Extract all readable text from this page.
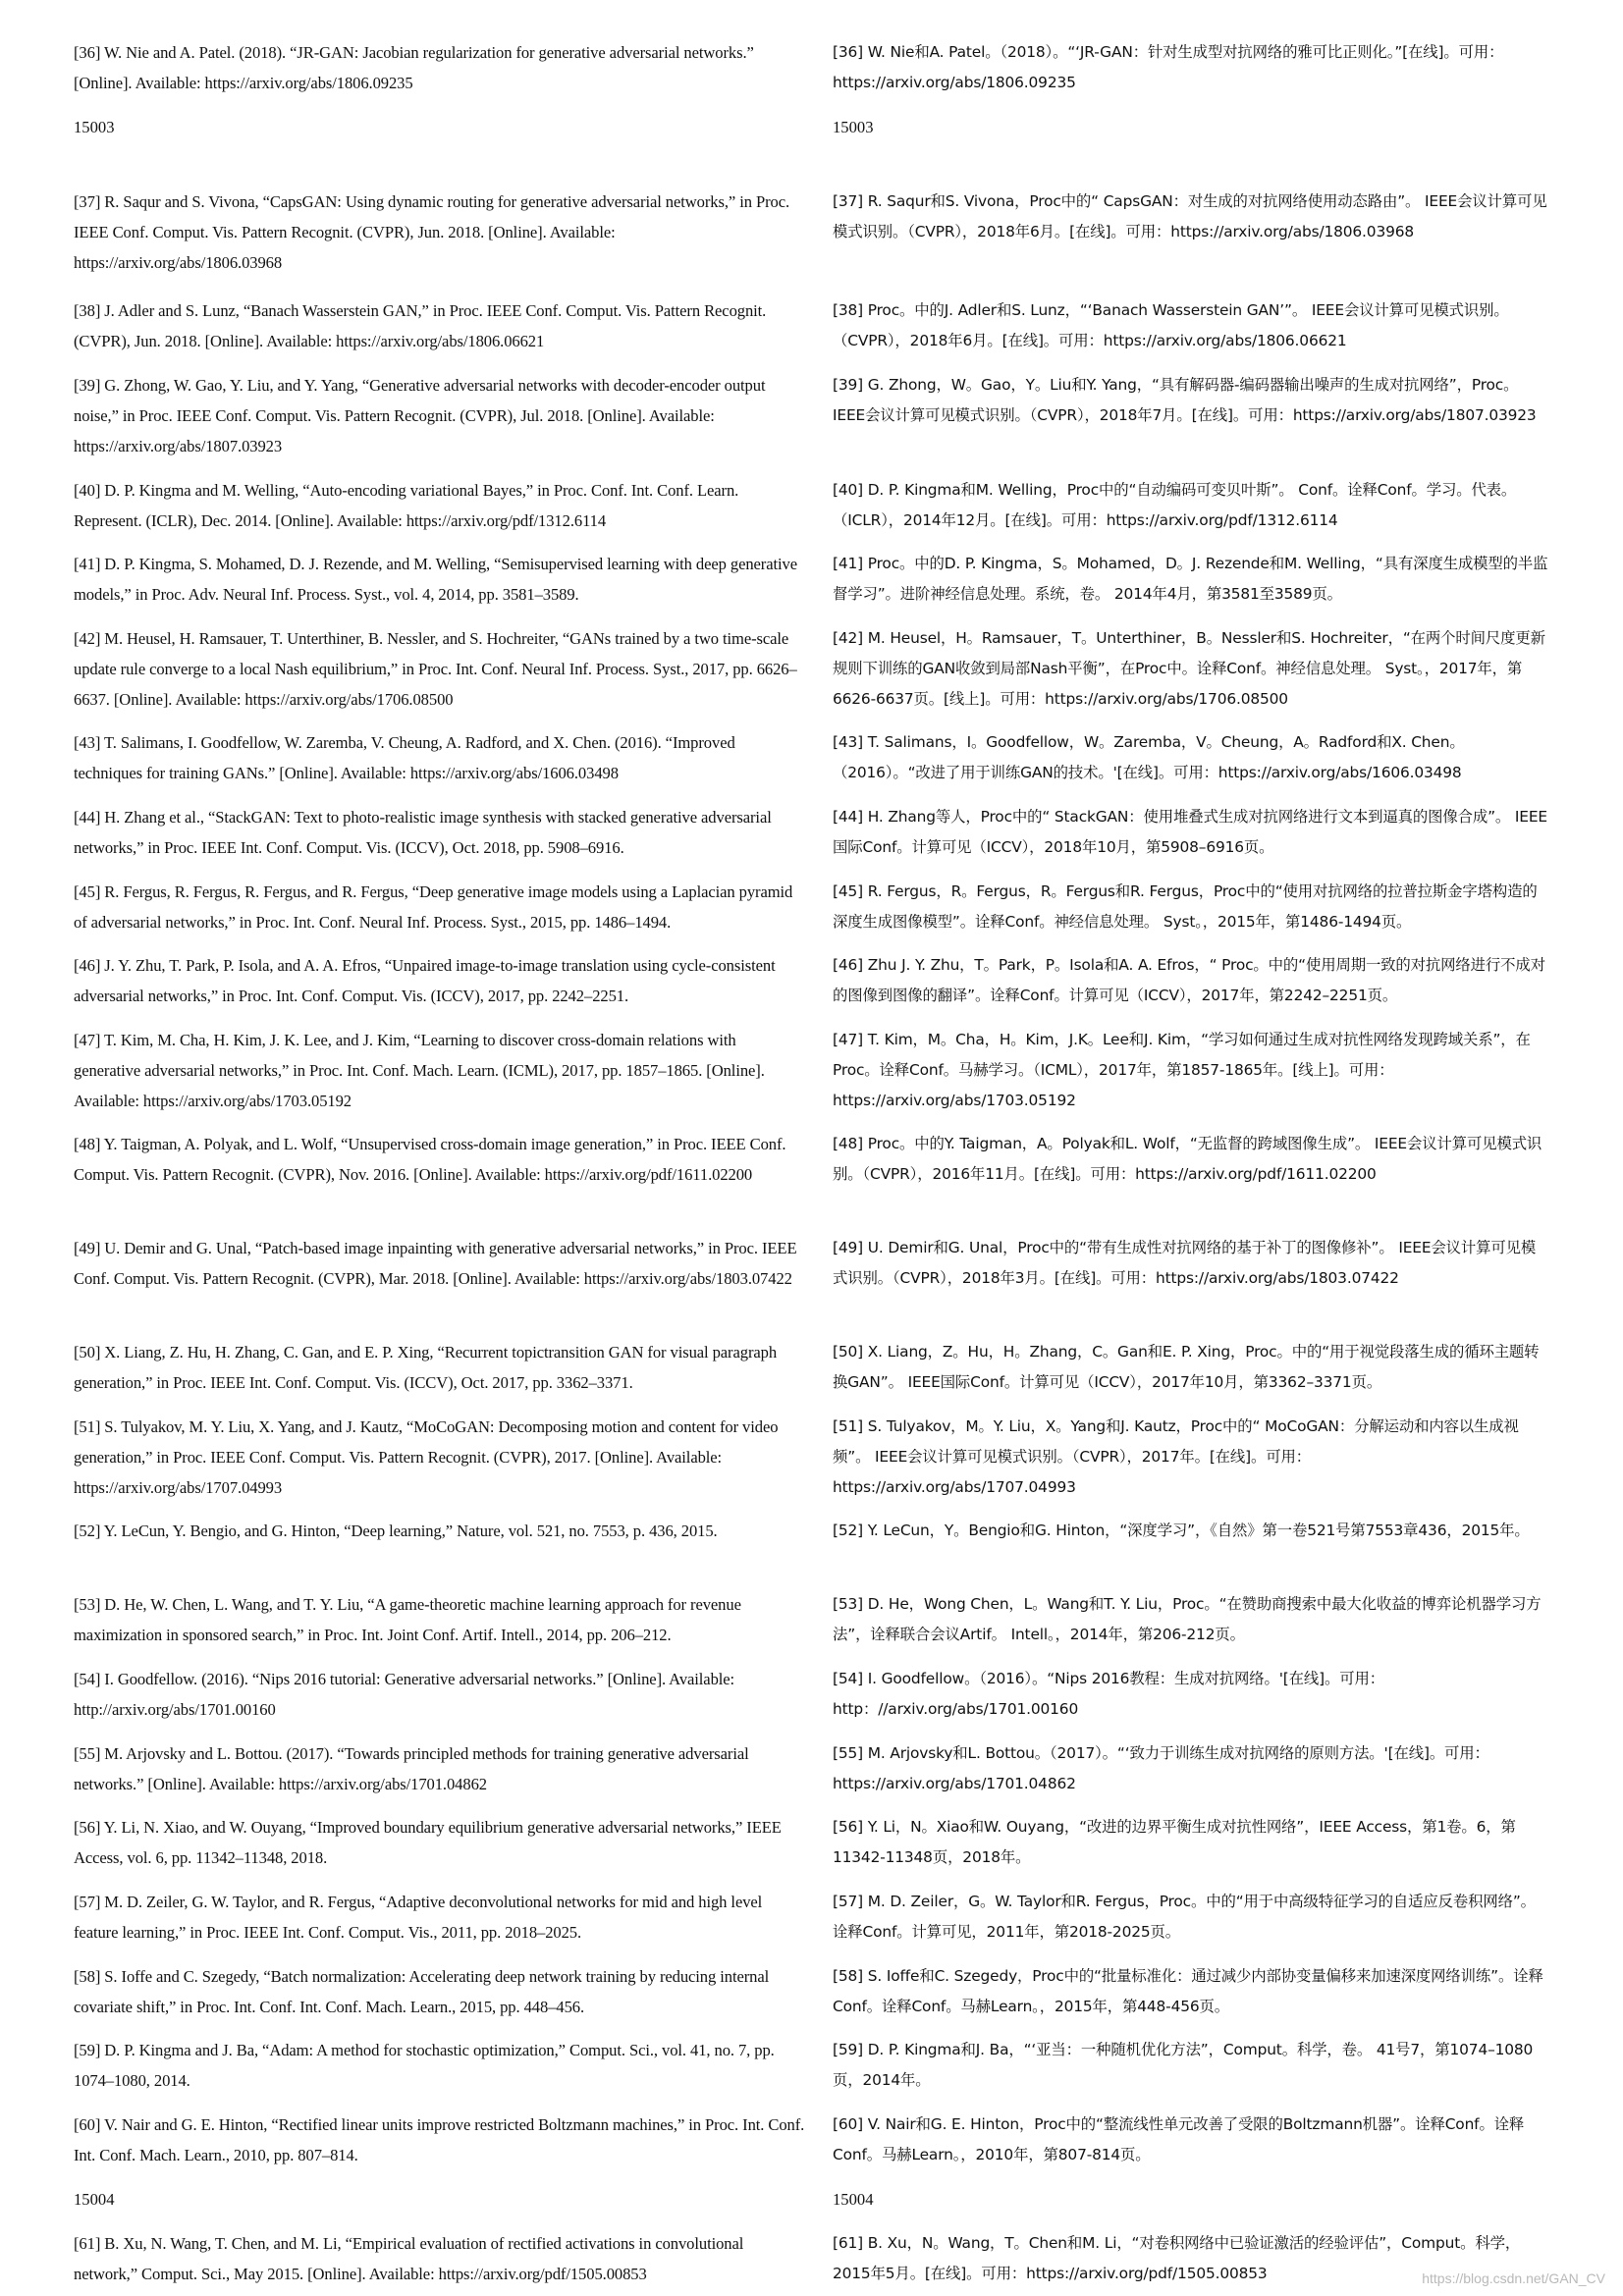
[36] W. Nie and A. Patel. (2018). “JR-GAN: Jacobian regularization for generative adversarial networks.” [Online]. Available: https://arxiv.org/abs/1806.09235
15003
[37] R. Saqur and S. Vivona, “CapsGAN: Using dynamic routing for generative adversarial networks,” in Proc. IEEE Conf. Comput. Vis. Pattern Recognit. (CVPR), Jun. 2018. [Online]. Available: https://arxiv.org/abs/1806.03968
[38] J. Adler and S. Lunz, “Banach Wasserstein GAN,” in Proc. IEEE Conf. Comput. Vis. Pattern Recognit. (CVPR), Jun. 2018. [Online]. Available: https://arxiv.org/abs/1806.06621
[39] G. Zhong, W. Gao, Y. Liu, and Y. Yang, “Generative adversarial networks with decoder-encoder output noise,” in Proc. IEEE Conf. Comput. Vis. Pattern Recognit. (CVPR), Jul. 2018. [Online]. Available: https://arxiv.org/abs/1807.03923
[40] D. P. Kingma and M. Welling, “Auto-encoding variational Bayes,” in Proc. Conf. Int. Conf. Learn. Represent. (ICLR), Dec. 2014. [Online]. Available: https://arxiv.org/pdf/1312.6114
[41] D. P. Kingma, S. Mohamed, D. J. Rezende, and M. Welling, “Semisupervised learning with deep generative models,” in Proc. Adv. Neural Inf. Process. Syst., vol. 4, 2014, pp. 3581–3589.
[42] M. Heusel, H. Ramsauer, T. Unterthiner, B. Nessler, and S. Hochreiter, “GANs trained by a two time-scale update rule converge to a local Nash equilibrium,” in Proc. Int. Conf. Neural Inf. Process. Syst., 2017, pp. 6626–6637. [Online]. Available: https://arxiv.org/abs/1706.08500
[43] T. Salimans, I. Goodfellow, W. Zaremba, V. Cheung, A. Radford, and X. Chen. (2016). “Improved techniques for training GANs.” [Online]. Available: https://arxiv.org/abs/1606.03498
[44] H. Zhang et al., “StackGAN: Text to photo-realistic image synthesis with stacked generative adversarial networks,” in Proc. IEEE Int. Conf. Comput. Vis. (ICCV), Oct. 2018, pp. 5908–6916.
[45] R. Fergus, R. Fergus, R. Fergus, and R. Fergus, “Deep generative image models using a Laplacian pyramid of adversarial networks,” in Proc. Int. Conf. Neural Inf. Process. Syst., 2015, pp. 1486–1494.
[46] J. Y. Zhu, T. Park, P. Isola, and A. A. Efros, “Unpaired image-to-image translation using cycle-consistent adversarial networks,” in Proc. Int. Conf. Comput. Vis. (ICCV), 2017, pp. 2242–2251.
[47] T. Kim, M. Cha, H. Kim, J. K. Lee, and J. Kim, “Learning to discover cross-domain relations with generative adversarial networks,” in Proc. Int. Conf. Mach. Learn. (ICML), 2017, pp. 1857–1865. [Online]. Available: https://arxiv.org/abs/1703.05192
[48] Y. Taigman, A. Polyak, and L. Wolf, “Unsupervised cross-domain image generation,” in Proc. IEEE Conf. Comput. Vis. Pattern Recognit. (CVPR), Nov. 2016. [Online]. Available: https://arxiv.org/pdf/1611.02200
[49] U. Demir and G. Unal, “Patch-based image inpainting with generative adversarial networks,” in Proc. IEEE Conf. Comput. Vis. Pattern Recognit. (CVPR), Mar. 2018. [Online]. Available: https://arxiv.org/abs/1803.07422
[50] X. Liang, Z. Hu, H. Zhang, C. Gan, and E. P. Xing, “Recurrent topictransition GAN for visual paragraph generation,” in Proc. IEEE Int. Conf. Comput. Vis. (ICCV), Oct. 2017, pp. 3362–3371.
[51] S. Tulyakov, M. Y. Liu, X. Yang, and J. Kautz, “MoCoGAN: Decomposing motion and content for video generation,” in Proc. IEEE Conf. Comput. Vis. Pattern Recognit. (CVPR), 2017. [Online]. Available: https://arxiv.org/abs/1707.04993
[52] Y. LeCun, Y. Bengio, and G. Hinton, “Deep learning,” Nature, vol. 521, no. 7553, p. 436, 2015.
[53] D. He, W. Chen, L. Wang, and T. Y. Liu, “A game-theoretic machine learning approach for revenue maximization in sponsored search,” in Proc. Int. Joint Conf. Artif. Intell., 2014, pp. 206–212.
[54] I. Goodfellow. (2016). “Nips 2016 tutorial: Generative adversarial networks.” [Online]. Available: http://arxiv.org/abs/1701.00160
[55] M. Arjovsky and L. Bottou. (2017). “Towards principled methods for training generative adversarial networks.” [Online]. Available: https://arxiv.org/abs/1701.04862
[56] Y. Li, N. Xiao, and W. Ouyang, “Improved boundary equilibrium generative adversarial networks,” IEEE Access, vol. 6, pp. 11342–11348, 2018.
[57] M. D. Zeiler, G. W. Taylor, and R. Fergus, “Adaptive deconvolutional networks for mid and high level feature learning,” in Proc. IEEE Int. Conf. Comput. Vis., 2011, pp. 2018–2025.
[58] S. Ioffe and C. Szegedy, “Batch normalization: Accelerating deep network training by reducing internal covariate shift,” in Proc. Int. Conf. Int. Conf. Mach. Learn., 2015, pp. 448–456.
[59] D. P. Kingma and J. Ba, “Adam: A method for stochastic optimization,” Comput. Sci., vol. 41, no. 7, pp. 1074–1080, 2014.
[60] V. Nair and G. E. Hinton, “Rectified linear units improve restricted Boltzmann machines,” in Proc. Int. Conf. Int. Conf. Mach. Learn., 2010, pp. 807–814.
15004
[61] B. Xu, N. Wang, T. Chen, and M. Li, “Empirical evaluation of rectified activations in convolutional network,” Comput. Sci., May 2015. [Online]. Available: https://arxiv.org/pdf/1505.00853
[36] W. Nie和A. Patel。（2018）。“‘JR-GAN：针对生成型对抗网络的雅可比正则化。”[在线]。可用：https://arxiv.org/abs/1806.09235
15003
[37] R. Saqur和S. Vivona，Proc中的“ CapsGAN：对生成的对抗网络使用动态路由”。 IEEE会议计算可见模式识别。（CVPR），2018年6月。[在线]。可用：https://arxiv.org/abs/1806.03968
[38] Proc。中的J. Adler和S. Lunz，“‘Banach Wasserstein GAN’”。 IEEE会议计算可见模式识别。（CVPR），2018年6月。[在线]。可用：https://arxiv.org/abs/1806.06621
[39] G. Zhong，W。Gao，Y。Liu和Y. Yang，“具有解码器-编码器输出噪声的生成对抗网络”，Proc。 IEEE会议计算可见模式识别。（CVPR），2018年7月。[在线]。可用：https://arxiv.org/abs/1807.03923
[40] D. P. Kingma和M. Welling，Proc中的“自动编码可变贝叶斯”。 Conf。诠释Conf。学习。代表。（ICLR），2014年12月。[在线]。可用：https://arxiv.org/pdf/1312.6114
[41] Proc。中的D. P. Kingma，S。Mohamed，D。J. Rezende和M. Welling，“具有深度生成模型的半监督学习”。进阶神经信息处理。系统，卷。 2014年4月，第3581至3589页。
[42] M. Heusel，H。Ramsauer，T。Unterthiner，B。Nessler和S. Hochreiter，“在两个时间尺度更新规则下训练的GAN收敛到局部Nash平衡”，在Proc中。诠释Conf。神经信息处理。 Syst。，2017年，第6626-6637页。[线上]。可用：https://arxiv.org/abs/1706.08500
[43] T. Salimans，I。Goodfellow，W。Zaremba，V。Cheung，A。Radford和X. Chen。（2016）。“改进了用于训练GAN的技术。'[在线]。可用：https://arxiv.org/abs/1606.03498
[44] H. Zhang等人，Proc中的“ StackGAN：使用堆叠式生成对抗网络进行文本到逼真的图像合成”。 IEEE国际Conf。计算可见（ICCV），2018年10月，第5908–6916页。
[45] R. Fergus，R。Fergus，R。Fergus和R. Fergus，Proc中的“使用对抗网络的拉普拉斯金字塔构造的深度生成图像模型”。诠释Conf。神经信息处理。 Syst。，2015年，第1486-1494页。
[46] Zhu J. Y. Zhu，T。Park，P。Isola和A. A. Efros，“ Proc。中的“使用周期一致的对抗网络进行不成对的图像到图像的翻译”。诠释Conf。计算可见（ICCV），2017年，第2242–2251页。
[47] T. Kim，M。Cha，H。Kim，J.K。Lee和J. Kim，“学习如何通过生成对抗性网络发现跨域关系”，在Proc。诠释Conf。马赫学习。（ICML），2017年，第1857-1865年。[线上]。可用：https://arxiv.org/abs/1703.05192
[48] Proc。中的Y. Taigman，A。Polyak和L. Wolf，“无监督的跨域图像生成”。 IEEE会议计算可见模式识别。（CVPR），2016年11月。[在线]。可用：https://arxiv.org/pdf/1611.02200
[49] U. Demir和G. Unal，Proc中的“带有生成性对抗网络的基于补丁的图像修补”。 IEEE会议计算可见模式识别。（CVPR），2018年3月。[在线]。可用：https://arxiv.org/abs/1803.07422
[50] X. Liang，Z。Hu，H。Zhang，C。Gan和E. P. Xing，Proc。中的“用于视觉段落生成的循环主题转换GAN”。 IEEE国际Conf。计算可见（ICCV），2017年10月，第3362–3371页。
[51] S. Tulyakov，M。Y. Liu，X。Yang和J. Kautz，Proc中的“ MoCoGAN：分解运动和内容以生成视频”。 IEEE会议计算可见模式识别。（CVPR），2017年。[在线]。可用：https://arxiv.org/abs/1707.04993
[52] Y. LeCun，Y。Bengio和G. Hinton，“深度学习”，《自然》第一卷521号第7553章436，2015年。
[53] D. He，Wong Chen，L。Wang和T. Y. Liu，Proc。“在赞助商搜索中最大化收益的博弈论机器学习方法”，诠释联合会议Artif。 Intell。，2014年，第206-212页。
[54] I. Goodfellow。（2016）。“Nips 2016教程：生成对抗网络。'[在线]。可用：http：//arxiv.org/abs/1701.00160
[55] M. Arjovsky和L. Bottou。（2017）。“‘致力于训练生成对抗网络的原则方法。'[在线]。可用：https://arxiv.org/abs/1701.04862
[56] Y. Li，N。Xiao和W. Ouyang，“改进的边界平衡生成对抗性网络”，IEEE Access，第1卷。6，第11342-11348页，2018年。
[57] M. D. Zeiler，G。W. Taylor和R. Fergus，Proc。中的“用于中高级特征学习的自适应反卷积网络”。诠释Conf。计算可见，2011年，第2018-2025页。
[58] S. Ioffe和C. Szegedy，Proc中的“批量标准化：通过减少内部协变量偏移来加速深度网络训练”。诠释Conf。诠释Conf。马赫Learn。，2015年，第448-456页。
[59] D. P. Kingma和J. Ba，“‘亚当：一种随机优化方法”，Comput。科学，卷。 41号7，第1074–1080页，2014年。
[60] V. Nair和G. E. Hinton，Proc中的“整流线性单元改善了受限的Boltzmann机器”。诠释Conf。诠释Conf。马赫Learn。，2010年，第807-814页。
15004
[61] B. Xu，N。Wang，T。Chen和M. Li，“对卷积网络中已验证激活的经验评估”，Comput。科学，2015年5月。[在线]。可用：https://arxiv.org/pdf/1505.00853	https://blog.csdn.net/GAN_CV
